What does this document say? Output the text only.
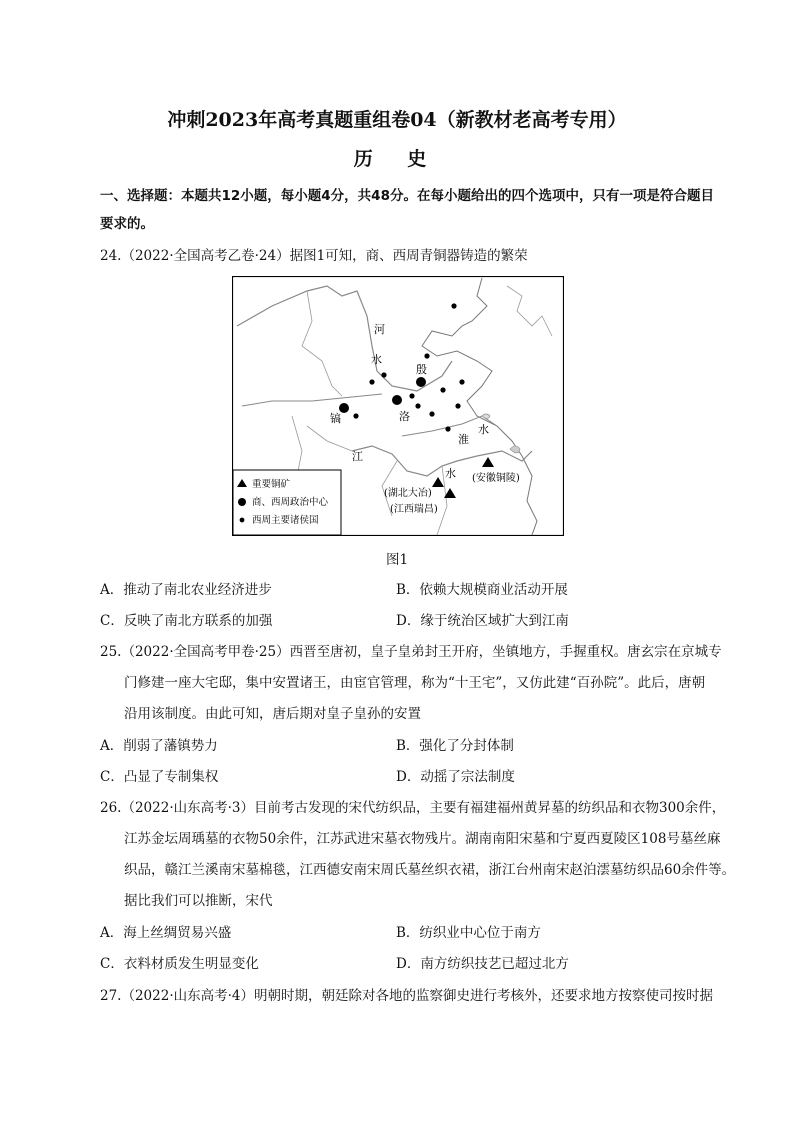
冲刺2023年高考真题重组卷04（新教材老高考专用）
历 史
一、选择题：本题共12小题，每小题4分，共48分。在每小题给出的四个选项中，只有一项是符合题目
要求的。
24.（2022·全国高考乙卷·24）据图1可知，商、西周青铜器铸造的繁荣
河
水
殷
镐	洛
淮
水
江
水 (安徽铜陵)
(湖北大冶)
(江西瑞昌)
重要铜矿
商、西周政治中心
西周主要诸侯国
图1
A．推动了南北农业经济进步	B．依赖大规模商业活动开展
C．反映了南北方联系的加强	D．缘于统治区域扩大到江南
25.（2022·全国高考甲卷·25）西晋至唐初，皇子皇弟封王开府，坐镇地方，手握重权。唐玄宗在京城专
门修建一座大宅邸，集中安置诸王，由宦官管理，称为“十王宅”，又仿此建“百孙院”。此后，唐朝
沿用该制度。由此可知，唐后期对皇子皇孙的安置
A．削弱了藩镇势力	B．强化了分封体制
C．凸显了专制集权	D．动摇了宗法制度
26.（2022·山东高考·3）目前考古发现的宋代纺织品，主要有福建福州黄昇墓的纺织品和衣物300余件，
江苏金坛周瑀墓的衣物50余件，江苏武进宋墓衣物残片。湖南南阳宋墓和宁夏西夏陵区108号墓丝麻
织品，赣江兰溪南宋墓棉毯，江西德安南宋周氏墓丝织衣裙，浙江台州南宋赵泊澐墓纺织品60余件等。
据比我们可以推断，宋代
A．海上丝绸贸易兴盛	B．纺织业中心位于南方
C．衣料材质发生明显变化	D．南方纺织技艺已超过北方
27.（2022·山东高考·4）明朝时期，朝廷除对各地的监察御史进行考核外，还要求地方按察使司按时据
